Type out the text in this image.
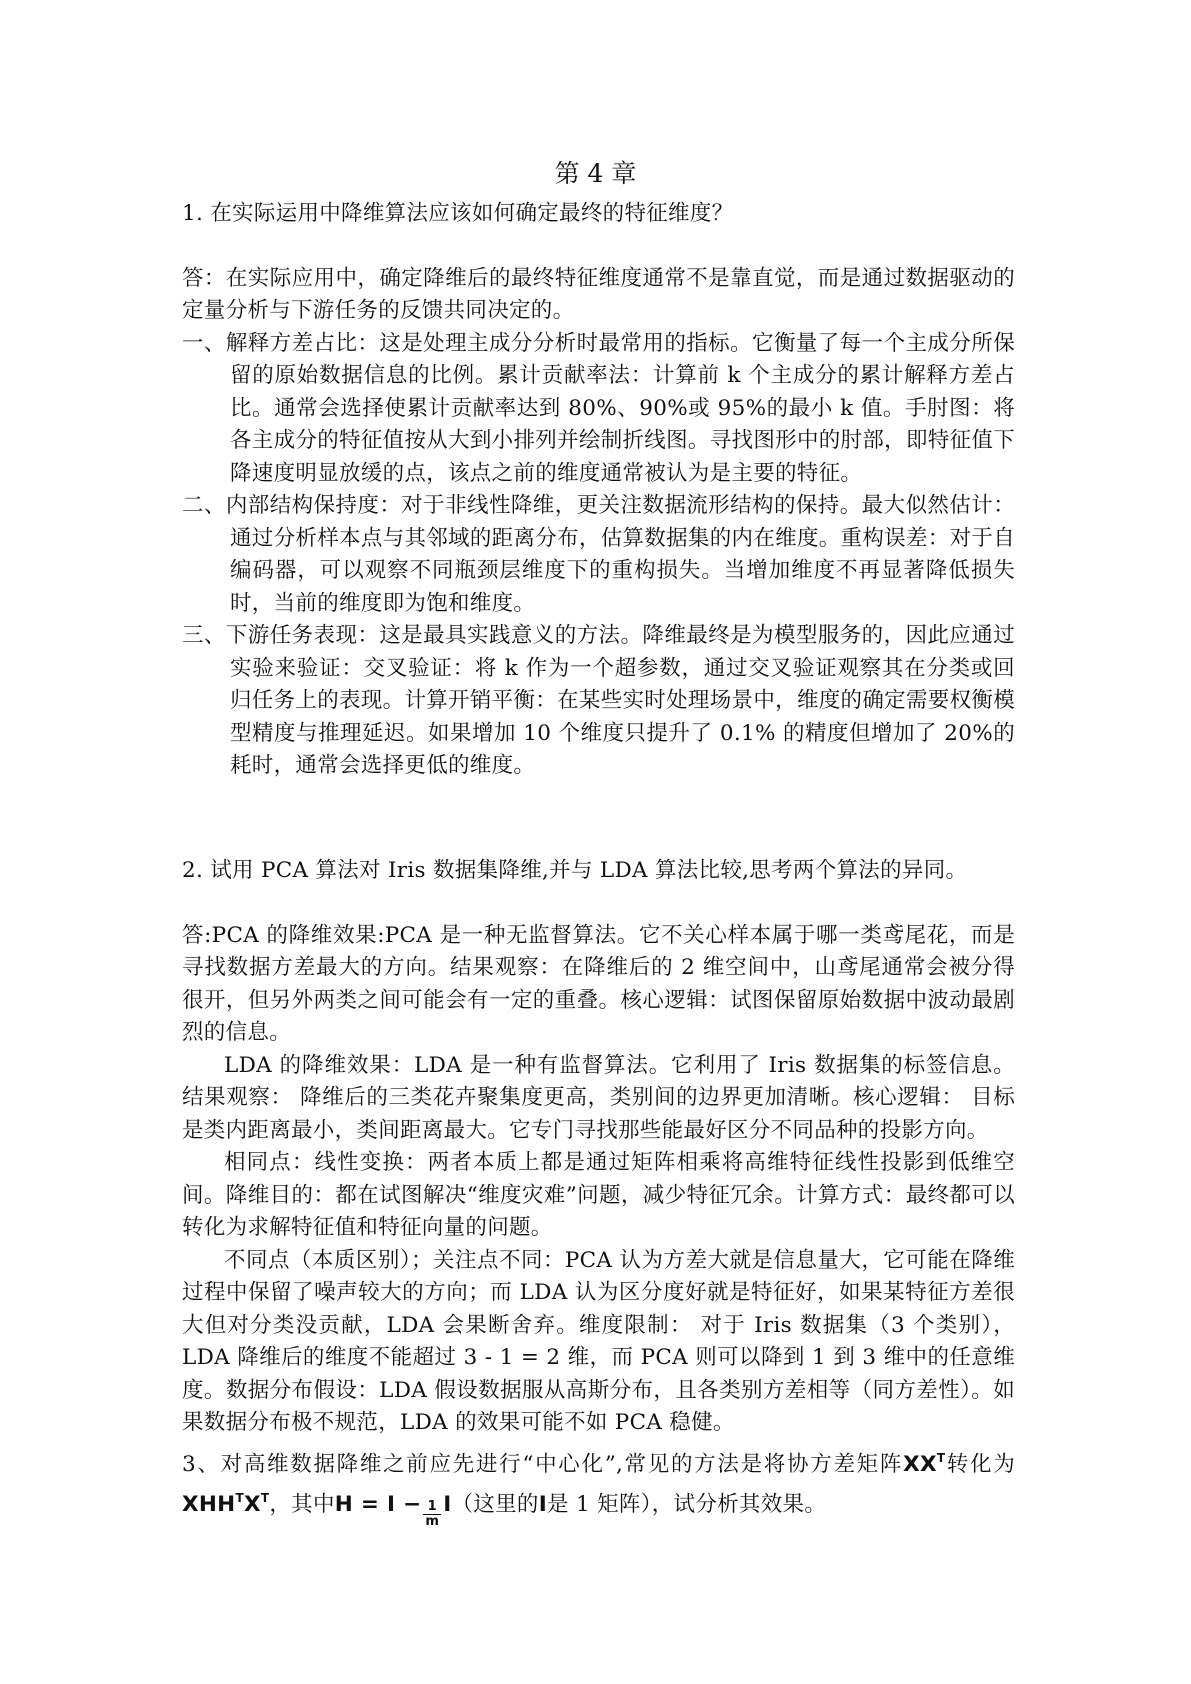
第 4 章

1. 在实际运用中降维算法应该如何确定最终的特征维度？

答：在实际应用中，确定降维后的最终特征维度通常不是靠直觉，而是通过数据驱动的定量分析与下游任务的反馈共同决定的。

一、解释方差占比：这是处理主成分分析时最常用的指标。它衡量了每一个主成分所保留的原始数据信息的比例。累计贡献率法：计算前 k 个主成分的累计解释方差占比。通常会选择使累计贡献率达到 80%、90%或 95%的最小 k 值。手肘图：将各主成分的特征值按从大到小排列并绘制折线图。寻找图形中的肘部，即特征值下降速度明显放缓的点，该点之前的维度通常被认为是主要的特征。

二、内部结构保持度：对于非线性降维，更关注数据流形结构的保持。最大似然估计：通过分析样本点与其邻域的距离分布，估算数据集的内在维度。重构误差：对于自编码器，可以观察不同瓶颈层维度下的重构损失。当增加维度不再显著降低损失时，当前的维度即为饱和维度。

三、下游任务表现：这是最具实践意义的方法。降维最终是为模型服务的，因此应通过实验来验证：交叉验证：将 k 作为一个超参数，通过交叉验证观察其在分类或回归任务上的表现。计算开销平衡：在某些实时处理场景中，维度的确定需要权衡模型精度与推理延迟。如果增加 10 个维度只提升了 0.1% 的精度但增加了 20%的耗时，通常会选择更低的维度。

2. 试用 PCA 算法对 Iris 数据集降维,并与 LDA 算法比较,思考两个算法的异同。

答:PCA 的降维效果:PCA 是一种无监督算法。它不关心样本属于哪一类鸢尾花，而是寻找数据方差最大的方向。结果观察：在降维后的 2 维空间中，山鸢尾通常会被分得很开，但另外两类之间可能会有一定的重叠。核心逻辑：试图保留原始数据中波动最剧烈的信息。

LDA 的降维效果：LDA 是一种有监督算法。它利用了 Iris 数据集的标签信息。结果观察： 降维后的三类花卉聚集度更高，类别间的边界更加清晰。核心逻辑： 目标是类内距离最小，类间距离最大。它专门寻找那些能最好区分不同品种的投影方向。

相同点：线性变换：两者本质上都是通过矩阵相乘将高维特征线性投影到低维空间。降维目的：都在试图解决“维度灾难”问题，减少特征冗余。计算方式：最终都可以转化为求解特征值和特征向量的问题。

不同点（本质区别）；关注点不同：PCA 认为方差大就是信息量大，它可能在降维过程中保留了噪声较大的方向；而 LDA 认为区分度好就是特征好，如果某特征方差很大但对分类没贡献，LDA 会果断舍弃。维度限制： 对于 Iris 数据集（3 个类别），LDA 降维后的维度不能超过 3 - 1 = 2 维，而 PCA 则可以降到 1 到 3 维中的任意维度。数据分布假设：LDA 假设数据服从高斯分布，且各类别方差相等（同方差性）。如果数据分布极不规范，LDA 的效果可能不如 PCA 稳健。

3、对高维数据降维之前应先进行“中心化”,常见的方法是将协方差矩阵$XX^T$转化为$XHH^TX^T$，其中$H = I - \frac{1}{m} I$（这里的I是 1 矩阵），试分析其效果。
